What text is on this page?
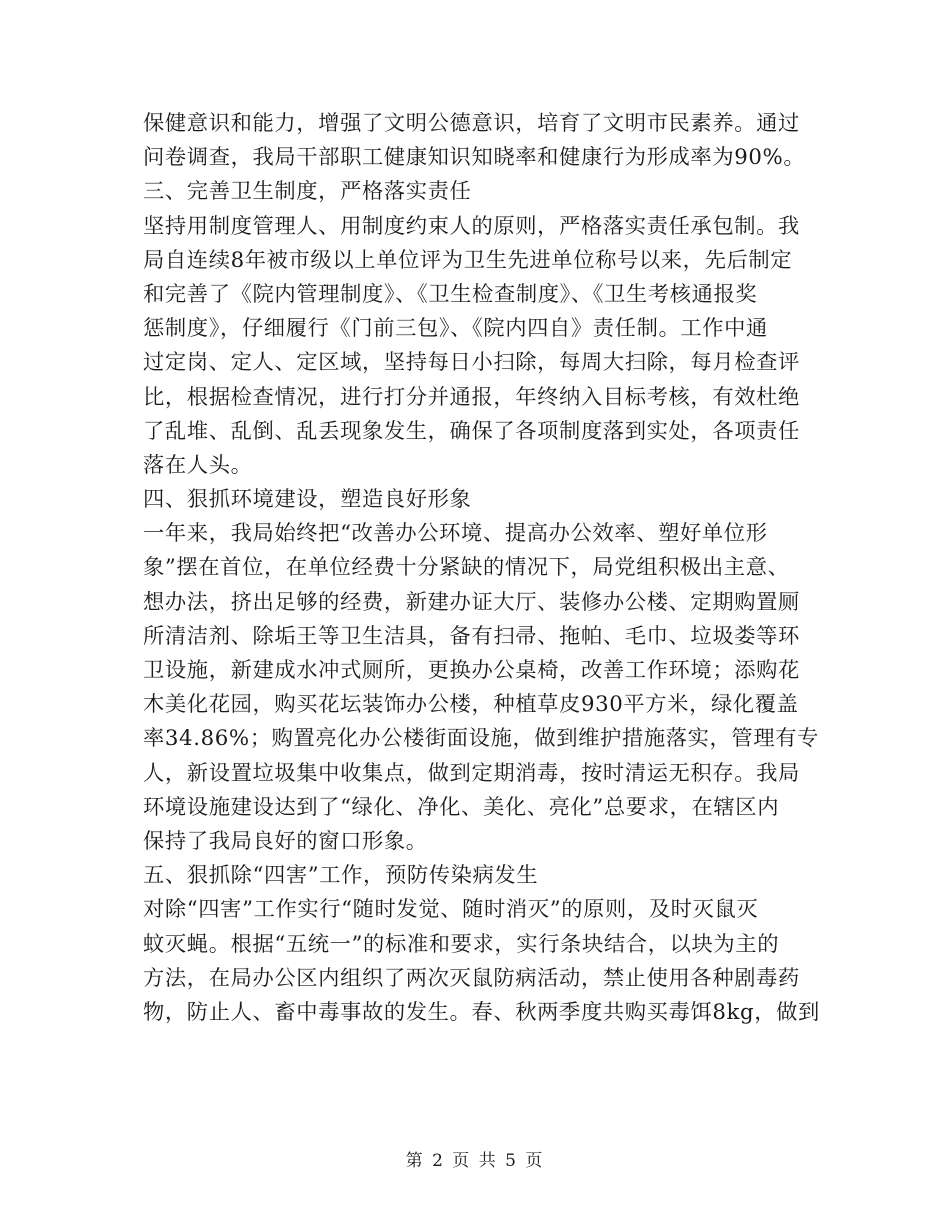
保健意识和能力，增强了文明公德意识，培育了文明市民素养。通过
问卷调查，我局干部职工健康知识知晓率和健康行为形成率为90%。
三、完善卫生制度，严格落实责任
坚持用制度管理人、用制度约束人的原则，严格落实责任承包制。我
局自连续8年被市级以上单位评为卫生先进单位称号以来，先后制定
和完善了《院内管理制度》、《卫生检查制度》、《卫生考核通报奖
惩制度》，仔细履行《门前三包》、《院内四自》责任制。工作中通
过定岗、定人、定区域，坚持每日小扫除，每周大扫除，每月检查评
比，根据检查情况，进行打分并通报，年终纳入目标考核，有效杜绝
了乱堆、乱倒、乱丢现象发生，确保了各项制度落到实处，各项责任
落在人头。
四、狠抓环境建设，塑造良好形象
一年来，我局始终把“改善办公环境、提高办公效率、塑好单位形
象”摆在首位，在单位经费十分紧缺的情况下，局党组积极出主意、
想办法，挤出足够的经费，新建办证大厅、装修办公楼、定期购置厕
所清洁剂、除垢王等卫生洁具，备有扫帚、拖帕、毛巾、垃圾娄等环
卫设施，新建成水冲式厕所，更换办公桌椅，改善工作环境；添购花
木美化花园，购买花坛装饰办公楼，种植草皮930平方米，绿化覆盖
率34.86%；购置亮化办公楼街面设施，做到维护措施落实，管理有专
人，新设置垃圾集中收集点，做到定期消毒，按时清运无积存。我局
环境设施建设达到了“绿化、净化、美化、亮化”总要求，在辖区内
保持了我局良好的窗口形象。
五、狠抓除“四害”工作，预防传染病发生
对除“四害”工作实行“随时发觉、随时消灭”的原则，及时灭鼠灭
蚊灭蝇。根据“五统一”的标准和要求，实行条块结合，以块为主的
方法，在局办公区内组织了两次灭鼠防病活动，禁止使用各种剧毒药
物，防止人、畜中毒事故的发生。春、秋两季度共购买毒饵8kg，做到
第 2 页 共 5 页
